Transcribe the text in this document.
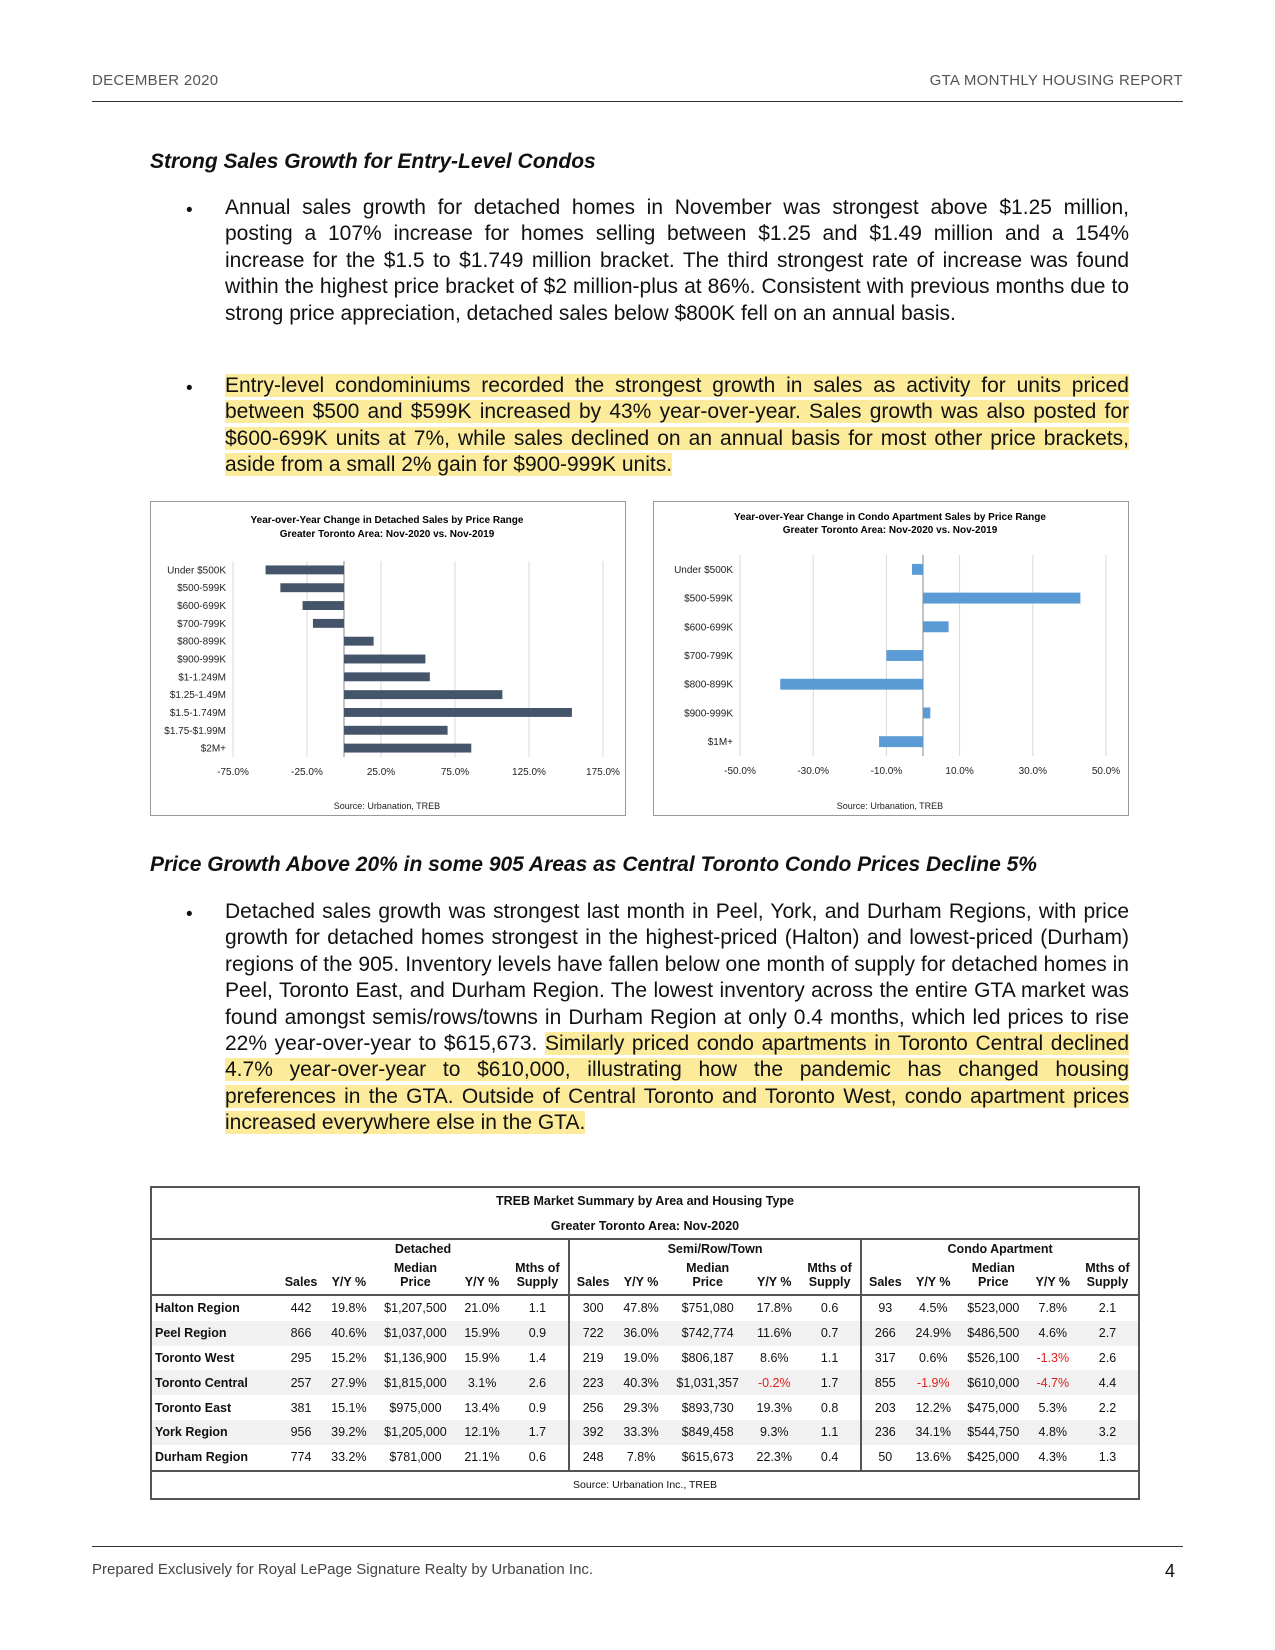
DECEMBER 2020	GTA MONTHLY HOUSING REPORT
Strong Sales Growth for Entry-Level Condos
• Annual sales growth for detached homes in November was strongest above $1.25 million, posting a 107% increase for homes selling between $1.25 and $1.49 million and a 154% increase for the $1.5 to $1.749 million bracket. The third strongest rate of increase was found within the highest price bracket of $2 million-plus at 86%. Consistent with previous months due to strong price appreciation, detached sales below $800K fell on an annual basis.
• Entry-level condominiums recorded the strongest growth in sales as activity for units priced between $500 and $599K increased by 43% year-over-year. Sales growth was also posted for $600-699K units at 7%, while sales declined on an annual basis for most other price brackets, aside from a small 2% gain for $900-999K units.
Year-over-Year Change in Detached Sales by Price Range
Greater Toronto Area: Nov-2020 vs. Nov-2019
Source: Urbanation, TREB
-75.0%	-25.0%	25.0%	75.0%	125.0%	175.0%
Under $500K
$500-599K
$600-699K
$700-799K
$800-899K
$900-999K
$1-1.249M
$1.25-1.49M
$1.5-1.749M
$1.75-$1.99M
$2M+
Year-over-Year Change in Condo Apartment Sales by Price Range
Greater Toronto Area: Nov-2020 vs. Nov-2019
Source: Urbanation, TREB
-50.0%	-30.0%	-10.0%	10.0%	30.0%	50.0%
Under $500K
$500-599K
$600-699K
$700-799K
$800-899K
$900-999K
$1M+
Price Growth Above 20% in some 905 Areas as Central Toronto Condo Prices Decline 5%
• Detached sales growth was strongest last month in Peel, York, and Durham Regions, with price growth for detached homes strongest in the highest-priced (Halton) and lowest-priced (Durham) regions of the 905. Inventory levels have fallen below one month of supply for detached homes in Peel, Toronto East, and Durham Region. The lowest inventory across the entire GTA market was found amongst semis/rows/towns in Durham Region at only 0.4 months, which led prices to rise 22% year-over-year to $615,673. Similarly priced condo apartments in Toronto Central declined 4.7% year-over-year to $610,000, illustrating how the pandemic has changed housing preferences in the GTA. Outside of Central Toronto and Toronto West, condo apartment prices increased everywhere else in the GTA.
TREB Market Summary by Area and Housing Type															
Greater Toronto Area: Nov-2020															
	Detached					Semi/Row/Town					Condo Apartment				
			Median		Mths of			Median		Mths of			Median		Mths of
	Sales	Y/Y %	Price	Y/Y %	Supply	Sales	Y/Y %	Price	Y/Y %	Supply	Sales	Y/Y %	Price	Y/Y %	Supply
Halton Region	442	19.8%	$1,207,500	21.0%	1.1	300	47.8%	$751,080	17.8%	0.6	93	4.5%	$523,000	7.8%	2.1
Peel Region	866	40.6%	$1,037,000	15.9%	0.9	722	36.0%	$742,774	11.6%	0.7	266	24.9%	$486,500	4.6%	2.7
Toronto West	295	15.2%	$1,136,900	15.9%	1.4	219	19.0%	$806,187	8.6%	1.1	317	0.6%	$526,100	-1.3%	2.6
Toronto Central	257	27.9%	$1,815,000	3.1%	2.6	223	40.3%	$1,031,357	-0.2%	1.7	855	-1.9%	$610,000	-4.7%	4.4
Toronto East	381	15.1%	$975,000	13.4%	0.9	256	29.3%	$893,730	19.3%	0.8	203	12.2%	$475,000	5.3%	2.2
York Region	956	39.2%	$1,205,000	12.1%	1.7	392	33.3%	$849,458	9.3%	1.1	236	34.1%	$544,750	4.8%	3.2
Durham Region	774	33.2%	$781,000	21.1%	0.6	248	7.8%	$615,673	22.3%	0.4	50	13.6%	$425,000	4.3%	1.3
Source: Urbanation Inc., TREB															
Prepared Exclusively for Royal LePage Signature Realty by Urbanation Inc.	4
